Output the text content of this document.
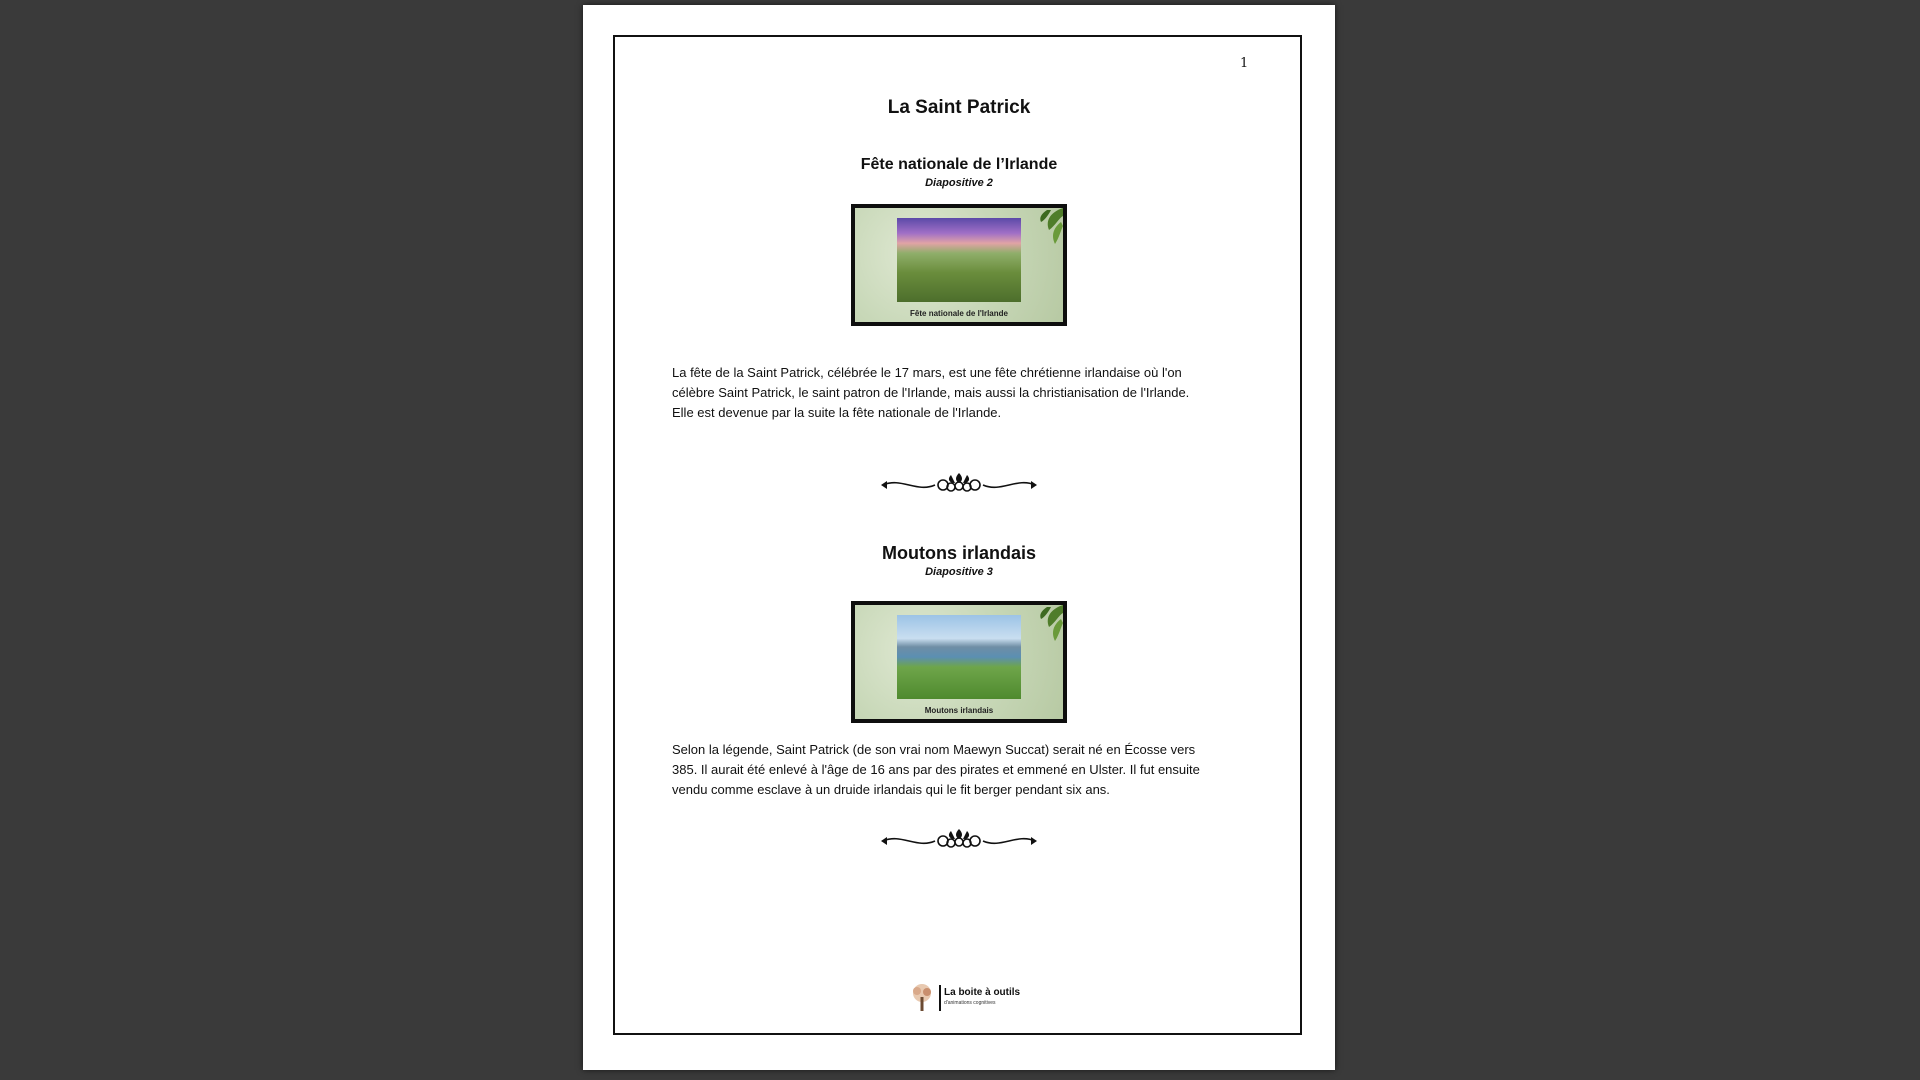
1
La Saint Patrick
Fête nationale de l’Irlande
Diapositive 2
Fête nationale de l'Irlande
La fête de la Saint Patrick, célébrée le 17 mars, est une fête chrétienne irlandaise où l'on
célèbre Saint Patrick, le saint patron de l'Irlande, mais aussi la christianisation de l'Irlande.
Elle est devenue par la suite la fête nationale de l'Irlande.
Moutons irlandais
Diapositive 3
Moutons irlandais
Selon la légende, Saint Patrick (de son vrai nom Maewyn Succat) serait né en Écosse vers
385. Il aurait été enlevé à l'âge de 16 ans par des pirates et emmené en Ulster. Il fut ensuite
vendu comme esclave à un druide irlandais qui le fit berger pendant six ans.
La boite à outils
d'animations cognitives
